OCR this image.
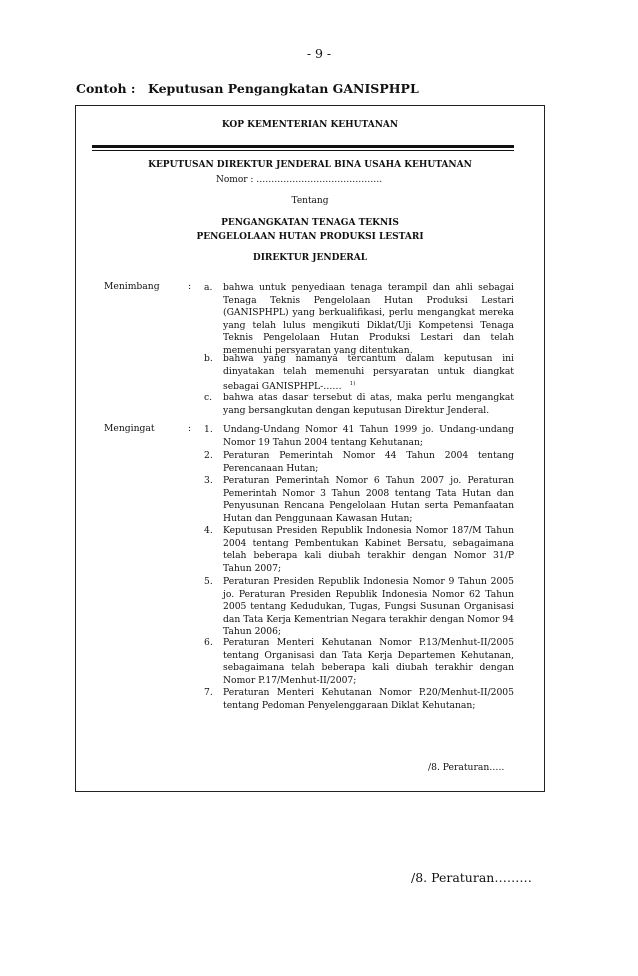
- 9 -
Contoh : Keputusan Pengangkatan GANISPHPL
KOP KEMENTERIAN KEHUTANAN
KEPUTUSAN DIREKTUR JENDERAL BINA USAHA KEHUTANAN
Nomor : ……………………………………
Tentang
PENGANGKATAN TENAGA TEKNIS
PENGELOLAAN HUTAN PRODUKSI LESTARI
DIREKTUR JENDERAL
Menimbang	: a. bahwa untuk penyediaan tenaga terampil dan ahli sebagai Tenaga Teknis Pengelolaan Hutan Produksi Lestari (GANISPHPL) yang berkualifikasi, perlu mengangkat mereka yang telah lulus mengikuti Diklat/Uji Kompetensi Tenaga Teknis Pengelolaan Hutan Produksi Lestari dan telah memenuhi persyaratan yang ditentukan.
b. bahwa yang namanya tercantum dalam keputusan ini dinyatakan telah memenuhi persyaratan untuk diangkat sebagai GANISPHPL-…… $^{1)}$
c. bahwa atas dasar tersebut di atas, maka perlu mengangkat yang bersangkutan dengan keputusan Direktur Jenderal.
Mengingat	: 1. Undang-Undang Nomor 41 Tahun 1999 jo. Undang-undang Nomor 19 Tahun 2004 tentang Kehutanan;
2. Peraturan Pemerintah Nomor 44 Tahun 2004 tentang Perencanaan Hutan;
3. Peraturan Pemerintah Nomor 6 Tahun 2007 jo. Peraturan Pemerintah Nomor 3 Tahun 2008 tentang Tata Hutan dan Penyusunan Rencana Pengelolaan Hutan serta Pemanfaatan Hutan dan Penggunaan Kawasan Hutan;
4. Keputusan Presiden Republik Indonesia Nomor 187/M Tahun 2004 tentang Pembentukan Kabinet Bersatu, sebagaimana telah beberapa kali diubah terakhir dengan Nomor 31/P Tahun 2007;
5. Peraturan Presiden Republik Indonesia Nomor 9 Tahun 2005 jo. Peraturan Presiden Republik Indonesia Nomor 62 Tahun 2005 tentang Kedudukan, Tugas, Fungsi Susunan Organisasi dan Tata Kerja Kementrian Negara terakhir dengan Nomor 94 Tahun 2006;
6. Peraturan Menteri Kehutanan Nomor P.13/Menhut-II/2005 tentang Organisasi dan Tata Kerja Departemen Kehutanan, sebagaimana telah beberapa kali diubah terakhir dengan Nomor P.17/Menhut-II/2007;
7. Peraturan Menteri Kehutanan Nomor P.20/Menhut-II/2005 tentang Pedoman Penyelenggaraan Diklat Kehutanan;
/8. Peraturan…..
/8. Peraturan………
